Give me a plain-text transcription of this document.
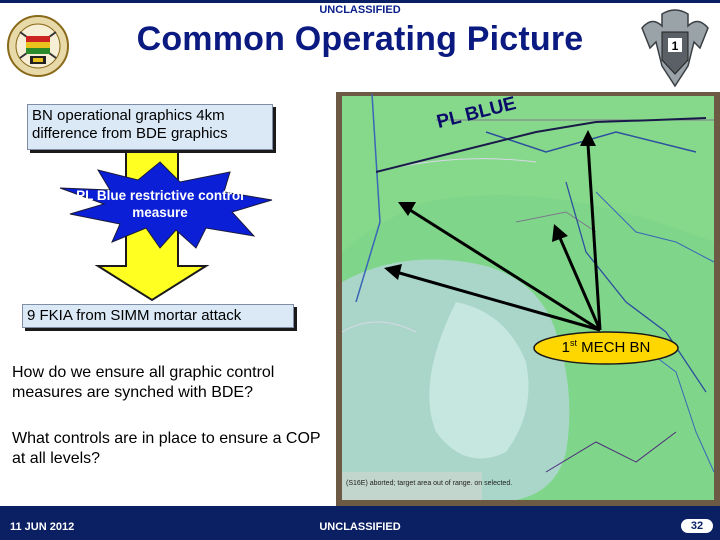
UNCLASSIFIED
Common Operating Picture	1
BN operational graphics 4km difference from BDE graphics
PL Blue restrictive control measure
9 FKIA from SIMM mortar attack
How do we ensure all graphic control measures are synched with BDE?
What controls are in place to ensure a COP at all levels?
(S16E) aborted; target area out of range. on selected.
PL BLUE
1st MECH BN
11 JUN 2012	UNCLASSIFIED	32
